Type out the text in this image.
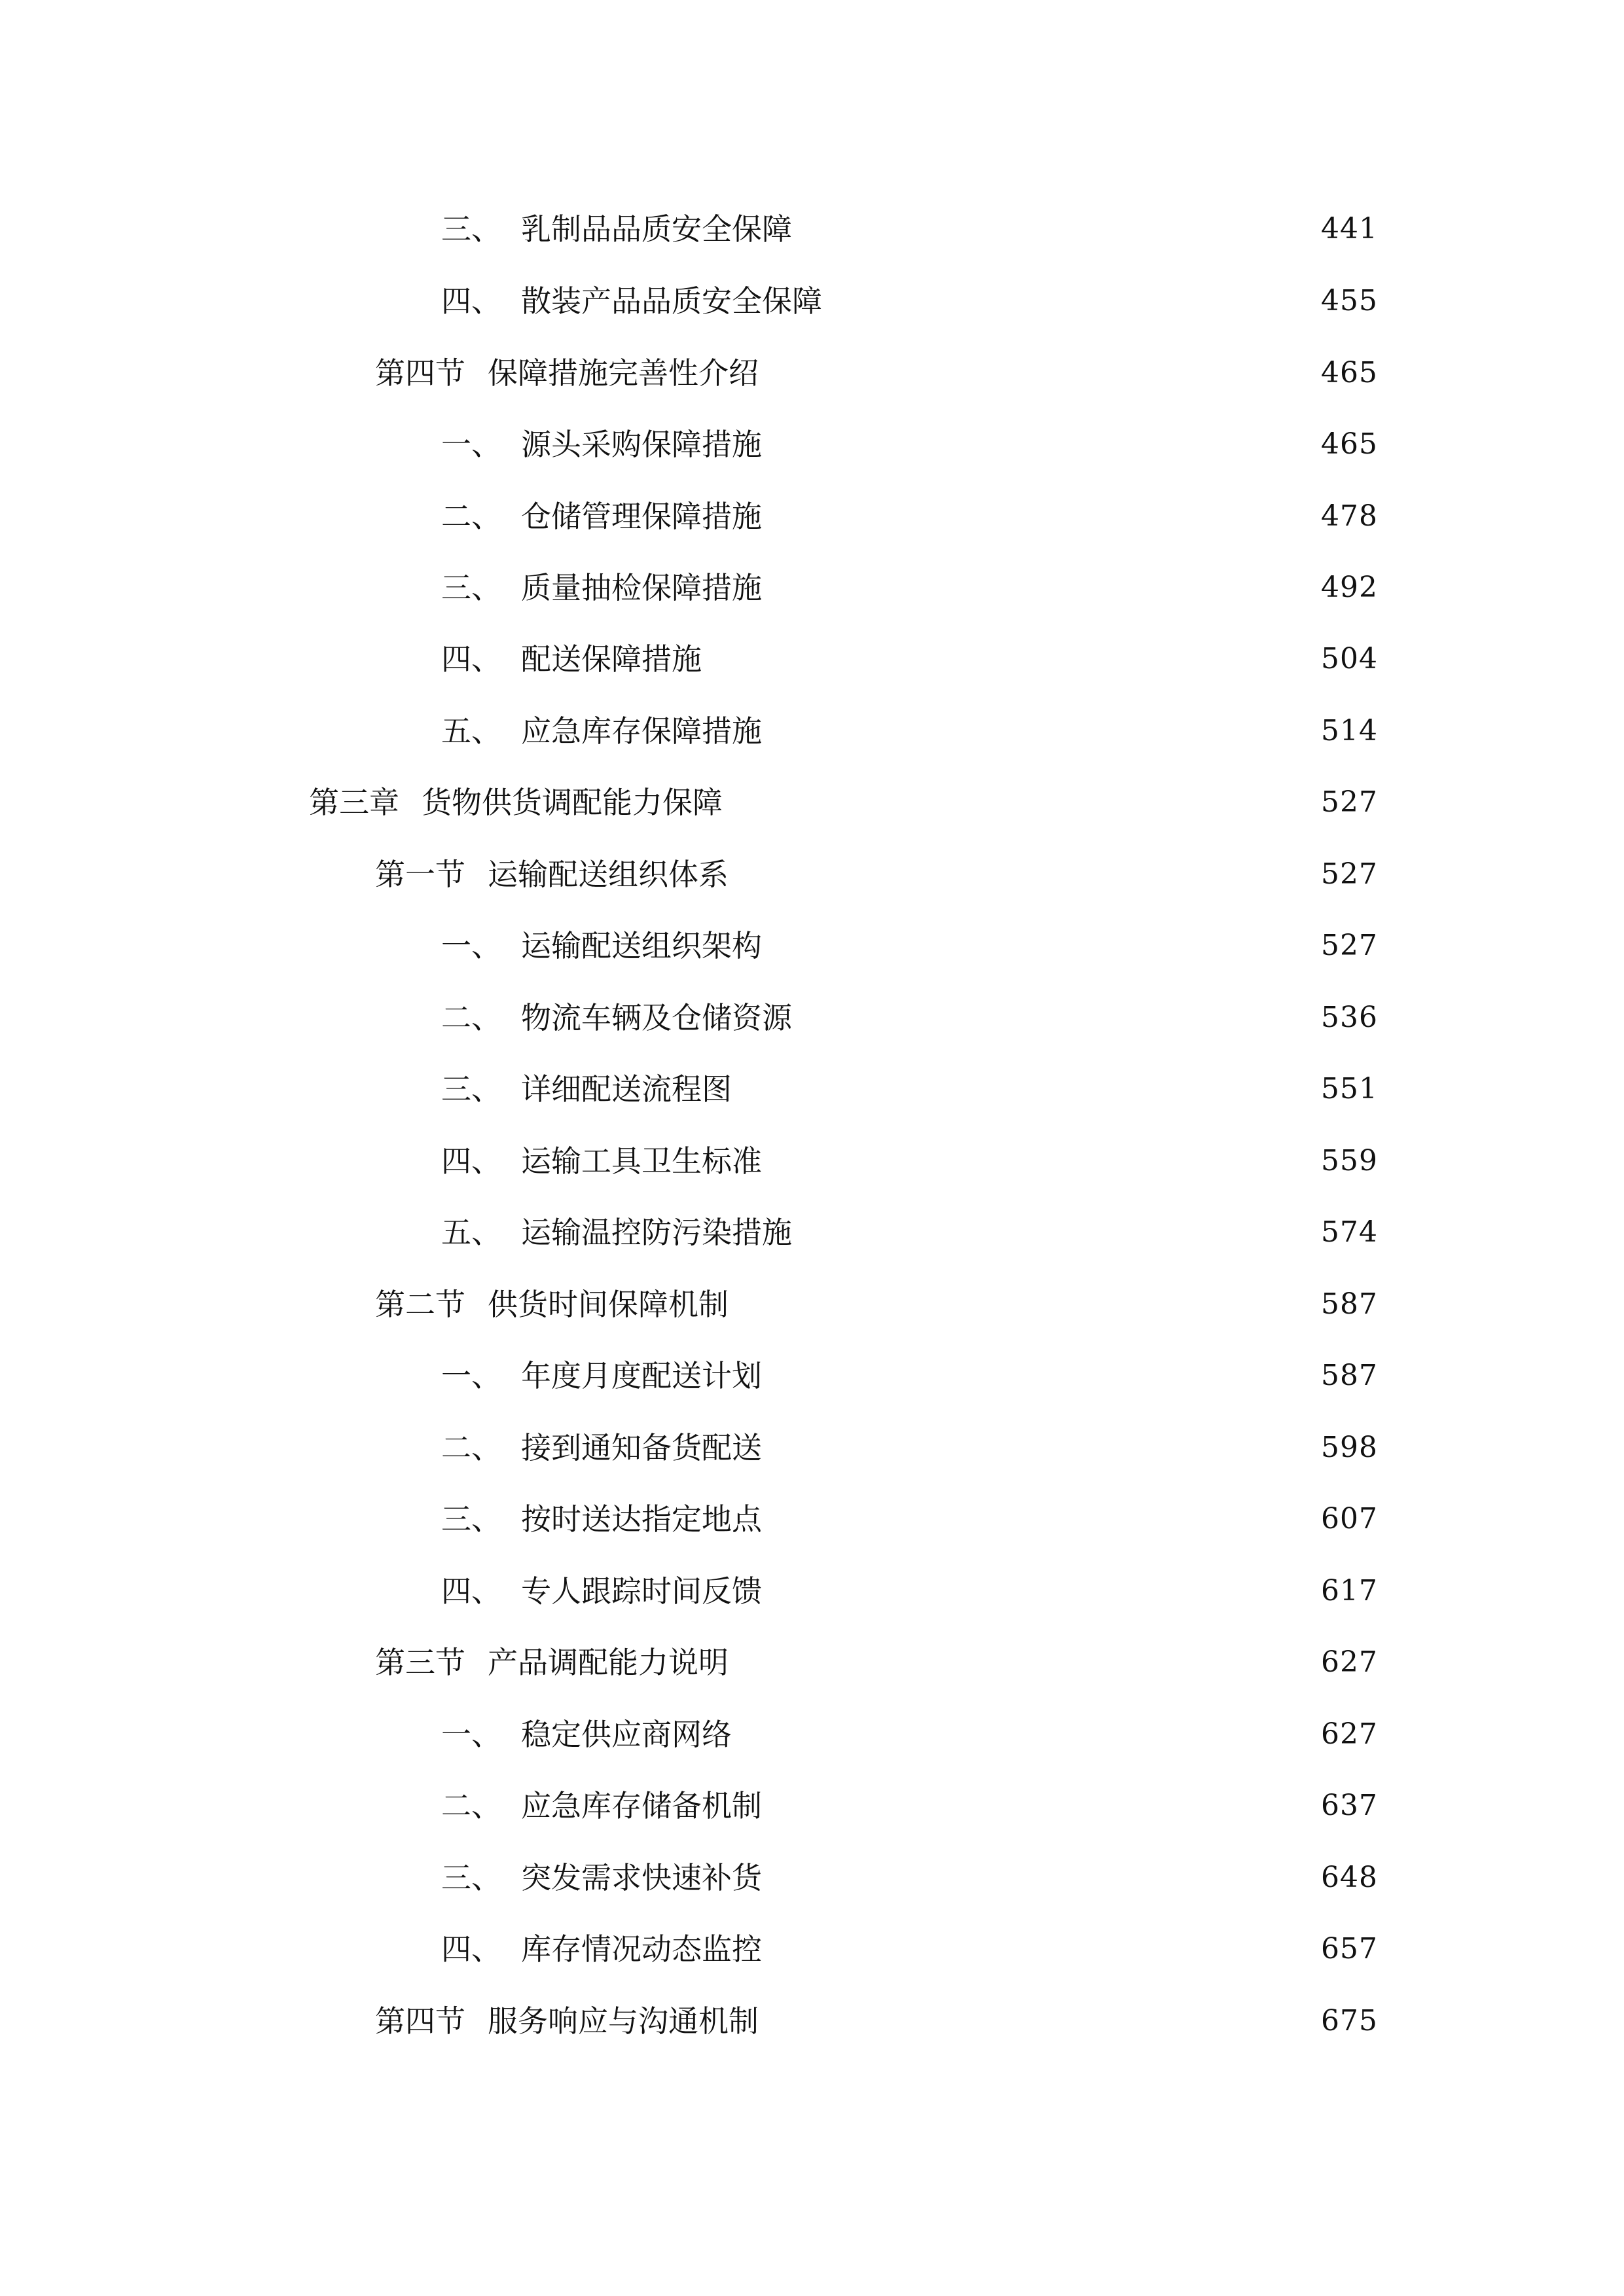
三、 乳制品品质安全保障	441
四、 散装产品品质安全保障	455
第四节 保障措施完善性介绍	465
一、 源头采购保障措施	465
二、 仓储管理保障措施	478
三、 质量抽检保障措施	492
四、 配送保障措施	504
五、 应急库存保障措施	514
第三章 货物供货调配能力保障	527
第一节 运输配送组织体系	527
一、 运输配送组织架构	527
二、 物流车辆及仓储资源	536
三、 详细配送流程图	551
四、 运输工具卫生标准	559
五、 运输温控防污染措施	574
第二节 供货时间保障机制	587
一、 年度月度配送计划	587
二、 接到通知备货配送	598
三、 按时送达指定地点	607
四、 专人跟踪时间反馈	617
第三节 产品调配能力说明	627
一、 稳定供应商网络	627
二、 应急库存储备机制	637
三、 突发需求快速补货	648
四、 库存情况动态监控	657
第四节 服务响应与沟通机制	675
